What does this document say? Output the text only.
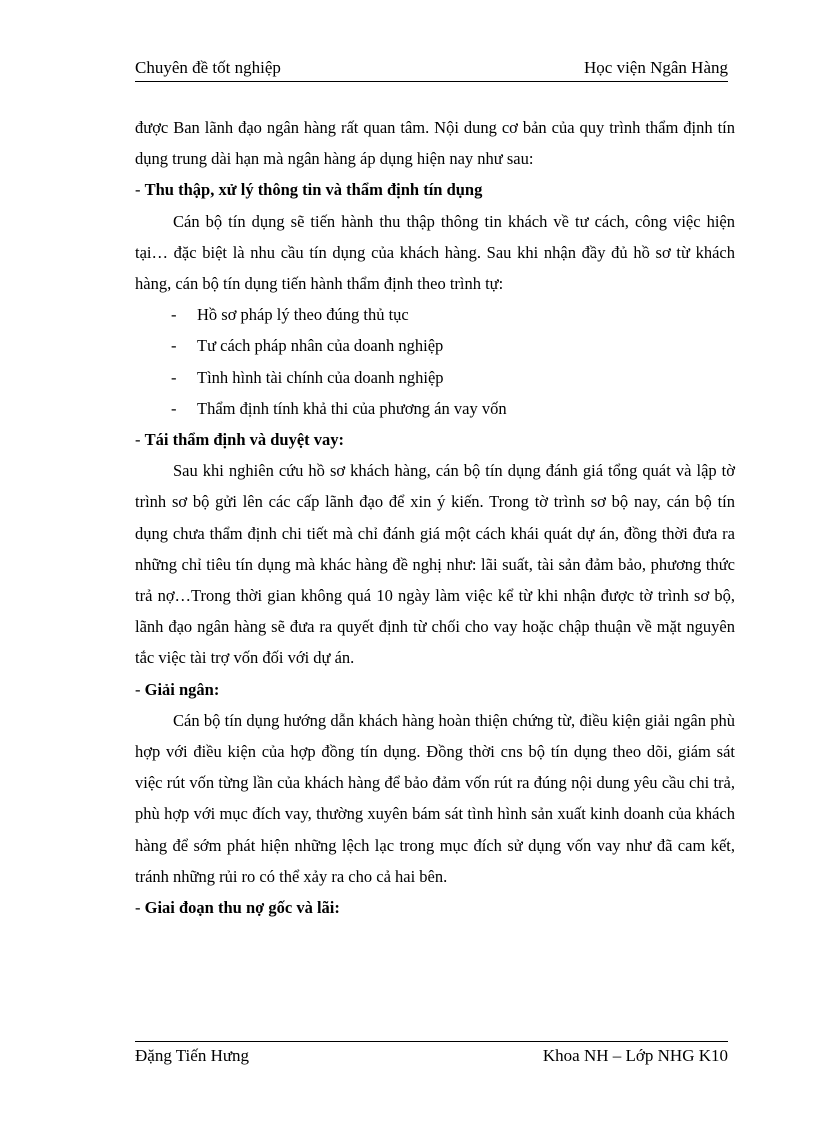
Chuyên đề tốt nghiệp	Học viện Ngân Hàng

được Ban lãnh đạo ngân hàng rất quan tâm. Nội dung cơ bản của quy trình thẩm định tín dụng trung dài hạn mà ngân hàng áp dụng hiện nay như sau:

- Thu thập, xử lý thông tin và thẩm định tín dụng

Cán bộ tín dụng sẽ tiến hành thu thập thông tin khách về tư cách, công việc hiện tại… đặc biệt là nhu cầu tín dụng của khách hàng. Sau khi nhận đầy đủ hồ sơ từ khách hàng, cán bộ tín dụng tiến hành thẩm định theo trình tự:

- Hồ sơ pháp lý theo đúng thủ tục
- Tư cách pháp nhân của doanh nghiệp
- Tình hình tài chính của doanh nghiệp
- Thẩm định tính khả thi của phương án vay vốn

- Tái thẩm định và duyệt vay:

Sau khi nghiên cứu hồ sơ khách hàng, cán bộ tín dụng đánh giá tổng quát và lập tờ trình sơ bộ gửi lên các cấp lãnh đạo để xin ý kiến. Trong tờ trình sơ bộ nay, cán bộ tín dụng chưa thẩm định chi tiết mà chỉ đánh giá một cách khái quát dự án, đồng thời đưa ra những chỉ tiêu tín dụng mà khác hàng đề nghị như: lãi suất, tài sản đảm bảo, phương thức trả nợ…Trong thời gian không quá 10 ngày làm việc kể từ khi nhận được tờ trình sơ bộ, lãnh đạo ngân hàng sẽ đưa ra quyết định từ chối cho vay hoặc chập thuận về mặt nguyên tắc việc tài trợ vốn đối với dự án.

- Giải ngân:

Cán bộ tín dụng hướng dẫn khách hàng hoàn thiện chứng từ, điều kiện giải ngân phù hợp với điều kiện của hợp đồng tín dụng. Đồng thời cns bộ tín dụng theo dõi, giám sát việc rút vốn từng lần của khách hàng để bảo đảm vốn rút ra đúng nội dung yêu cầu chi trả, phù hợp với mục đích vay, thường xuyên bám sát tình hình sản xuất kinh doanh của khách hàng để sớm phát hiện những lệch lạc trong mục đích sử dụng vốn vay như đã cam kết, tránh những rủi ro có thể xảy ra cho cả hai bên.

- Giai đoạn thu nợ gốc và lãi:

Đặng Tiến Hưng	Khoa NH – Lớp NHG K10
